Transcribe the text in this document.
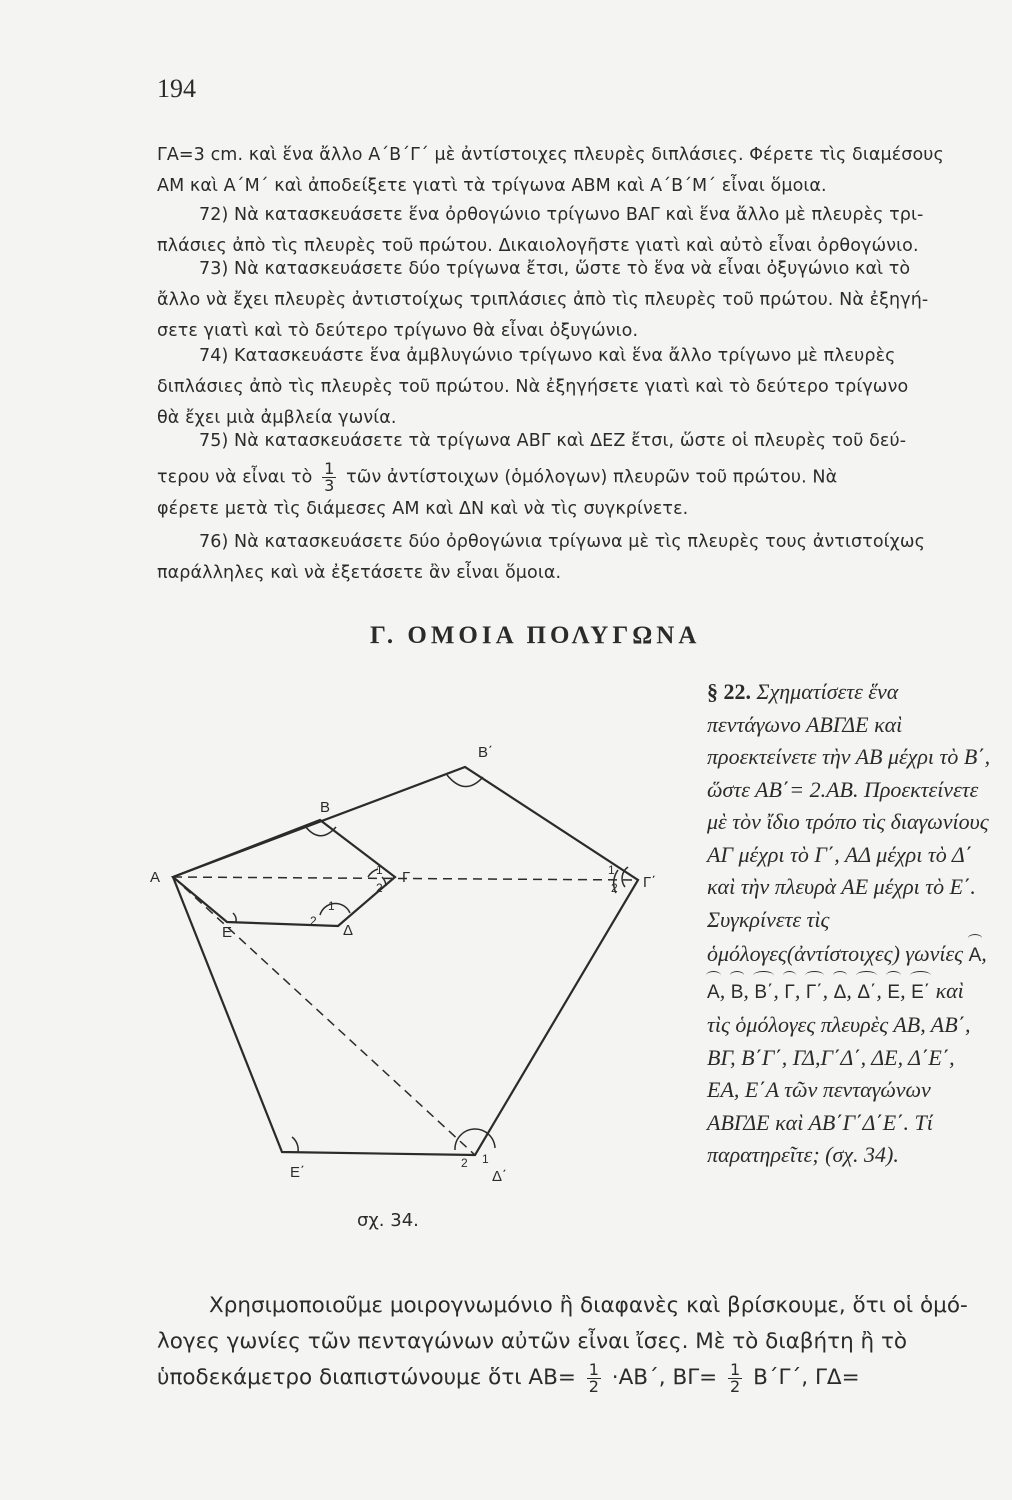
194
ΓΑ=3 cm. καὶ ἕνα ἄλλο Α΄Β΄Γ΄ μὲ ἀντίστοιχες πλευρὲς διπλάσιες. Φέρετε τὶς διαμέσους
ΑΜ καὶ Α΄Μ΄ καὶ ἀποδείξετε γιατὶ τὰ τρίγωνα ΑΒΜ καὶ Α΄Β΄Μ΄ εἶναι ὅμοια.
72) Νὰ κατασκευάσετε ἕνα ὀρθογώνιο τρίγωνο ΒΑΓ καὶ ἕνα ἄλλο μὲ πλευρὲς τρι-
πλάσιες ἀπὸ τὶς πλευρὲς τοῦ πρώτου. Δικαιολογῆστε γιατὶ καὶ αὐτὸ εἶναι ὀρθογώνιο.
73) Νὰ κατασκευάσετε δύο τρίγωνα ἔτσι, ὥστε τὸ ἕνα νὰ εἶναι ὀξυγώνιο καὶ τὸ
ἄλλο νὰ ἔχει πλευρὲς ἀντιστοίχως τριπλάσιες ἀπὸ τὶς πλευρὲς τοῦ πρώτου. Νὰ ἐξηγή-
σετε γιατὶ καὶ τὸ δεύτερο τρίγωνο θὰ εἶναι ὀξυγώνιο.
74) Κατασκευάστε ἕνα ἀμβλυγώνιο τρίγωνο καὶ ἕνα ἄλλο τρίγωνο μὲ πλευρὲς
διπλάσιες ἀπὸ τὶς πλευρὲς τοῦ πρώτου. Νὰ ἐξηγήσετε γιατὶ καὶ τὸ δεύτερο τρίγωνο
θὰ ἔχει μιὰ ἀμβλεία γωνία.
75) Νὰ κατασκευάσετε τὰ τρίγωνα ΑΒΓ καὶ ΔΕΖ ἔτσι, ὥστε οἱ πλευρὲς τοῦ δεύ-
τερου νὰ εἶναι τὸ $\frac{1}{3}$ τῶν ἀντίστοιχων (ὁμόλογων) πλευρῶν τοῦ πρώτου. Νὰ
φέρετε μετὰ τὶς διάμεσες ΑΜ καὶ ΔΝ καὶ νὰ τὶς συγκρίνετε.
76) Νὰ κατασκευάσετε δύο ὀρθογώνια τρίγωνα μὲ τὶς πλευρὲς τους ἀντιστοίχως
παράλληλες καὶ νὰ ἐξετάσετε ἂν εἶναι ὅμοια.
Γ. ΟΜΟΙΑ ΠΟΛΥΓΩΝΑ
Α
Β
Γ
Δ
Ε
Β΄
Γ΄
Δ΄
Ε΄
1
2
1
2
1
2
1
2
σχ. 34.
§ 22. Σχηματίσετε ἕνα πεντάγωνο ΑΒΓΔΕ καὶ προεκτείνετε τὴν ΑΒ μέχρι τὸ Β΄, ὥστε ΑΒ΄= 2.ΑΒ. Προεκτείνετε μὲ τὸν ἴδιο τρόπο τὶς διαγωνίους ΑΓ μέχρι τὸ Γ΄, ΑΔ μέχρι τὸ Δ΄ καὶ τὴν πλευρὰ ΑΕ μέχρι τὸ Ε΄. Συγκρίνετε τὶς ὁμόλογες(ἀντίστοιχες) γωνίες Α, Α, Β, Β΄, Γ, Γ΄, Δ, Δ΄, Ε, Ε΄ καὶ τὶς ὁμόλογες πλευρὲς ΑΒ, ΑΒ΄, ΒΓ, Β΄Γ΄, ΓΔ,Γ΄Δ΄, ΔΕ, Δ΄Ε΄, ΕΑ, Ε΄Α τῶν πενταγώνων ΑΒΓΔΕ καὶ ΑΒ΄Γ΄Δ΄Ε΄. Τί παρατηρεῖτε; (σχ. 34).
Χρησιμοποιοῦμε μοιρογνωμόνιο ἢ διαφανὲς καὶ βρίσκουμε, ὅτι οἱ ὁμό-
λογες γωνίες τῶν πενταγώνων αὐτῶν εἶναι ἴσες. Μὲ τὸ διαβήτη ἢ τὸ
ὑποδεκάμετρο διαπιστώνουμε ὅτι $AB= \frac{1}{2} \cdot AB΄$, $B\Gamma= \frac{1}{2} B΄\Gamma΄$, ΓΔ=
